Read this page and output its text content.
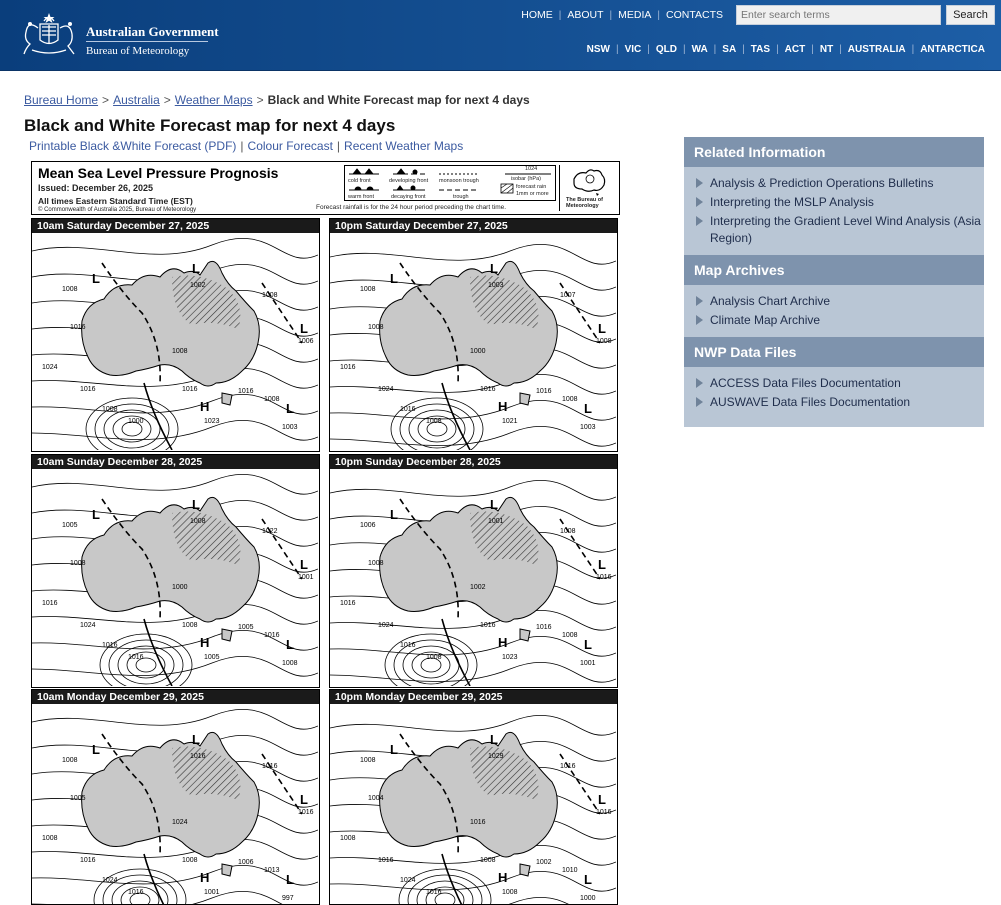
Australian Government
Bureau of Meteorology
HOME | ABOUT | MEDIA | CONTACTS
Enter search terms	Search
NSW | VIC | QLD | WA | SA | TAS | ACT | NT | AUSTRALIA | ANTARCTICA
Bureau Home > Australia > Weather Maps > Black and White Forecast map for next 4 days
Black and White Forecast map for next 4 days
Printable Black &White Forecast (PDF) | Colour Forecast | Recent Weather Maps
Mean Sea Level Pressure Prognosis
Issued: December 26, 2025
All times Eastern Standard Time (EST)
© Commonwealth of Australia 2025, Bureau of Meteorology
cold front	developing front monsoon trough
1024
isobar (hPa)
warm front	decaying front	trough
forecast rain
1mm or more
Forecast rainfall is for the 24 hour period preceding the chart time.
The Bureau of Meteorology
10am Saturday December 27, 2025
L
L
H	L
L
1008
1016
1024
1016
1008
1000
1008
1016	1016
1008
1002
1008
1023
1003
1006
10pm Saturday December 27, 2025
L
L
H	L
L
1008
1008
1016
1024
1016
1008
1000
1016	1016
1008
1003
1007
1021
1003
1008
10am Sunday December 28, 2025
L
L
H	L
L
1005
1008
1016
1024
1016
1016
1000
1008	1005
1016
1008
1022
1005
1008
1001
10pm Sunday December 28, 2025
L
L
H	L
L
1006
1008
1016
1024
1016
1008
1002
1016	1016
1008
1001
1008
1023
1001
1016
10am Monday December 29, 2025
L
L
H	L
L
1008
1005
1008
1016
1024
1016
1024
1008	1006
1013
1016
1016
1001
997
1016
10pm Monday December 29, 2025
L
L
H	L
L
1008
1004
1008
1016
1024
1016
1016
1008	1002
1010
1029
1016
1008
1000
1016
Related Information
Analysis & Prediction Operations Bulletins
Interpreting the MSLP Analysis
Interpreting the Gradient Level Wind Analysis (Asia Region)
Map Archives
Analysis Chart Archive
Climate Map Archive
NWP Data Files
ACCESS Data Files Documentation
AUSWAVE Data Files Documentation
